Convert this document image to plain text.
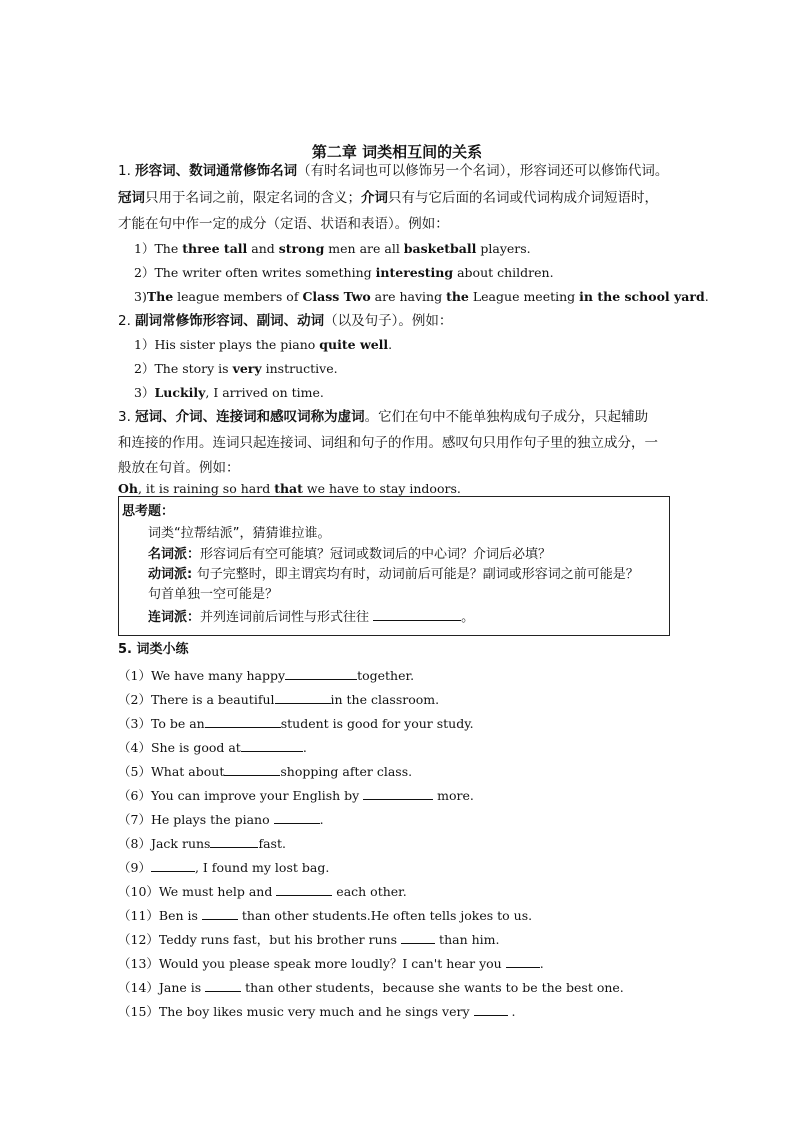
第二章 词类相互间的关系
1. 形容词、数词通常修饰名词（有时名词也可以修饰另一个名词），形容词还可以修饰代词。
冠词只用于名词之前，限定名词的含义；介词只有与它后面的名词或代词构成介词短语时，
才能在句中作一定的成分（定语、状语和表语）。例如：
1）The three tall and strong men are all basketball players.
2）The writer often writes something interesting about children.
3)The league members of Class Two are having the League meeting in the school yard.
2. 副词常修饰形容词、副词、动词（以及句子）。例如：
1）His sister plays the piano quite well.
2）The story is very instructive.
3）Luckily, I arrived on time.
3. 冠词、介词、连接词和感叹词称为虚词。它们在句中不能单独构成句子成分，只起辅助
和连接的作用。连词只起连接词、词组和句子的作用。感叹句只用作句子里的独立成分，一
般放在句首。例如：
Oh, it is raining so hard that we have to stay indoors.
思考题：
词类“拉帮结派”，猜猜谁拉谁。
名词派：形容词后有空可能填？冠词或数词后的中心词？介词后必填？
动词派: 句子完整时，即主谓宾均有时，动词前后可能是？副词或形容词之前可能是？
句首单独一空可能是？
连词派：并列连词前后词性与形式往往	。
5. 词类小练
（1）We have many happy	together.
（2）There is a beautiful	in the classroom.
（3）To be an	student is good for your study.
（4）She is good at	.
（5）What about	shopping after class.
（6）You can improve your English by	more.
（7）He plays the piano	.
（8）Jack runs	fast.
（9）	, I found my lost bag.
（10）We must help and	each other.
（11）Ben is	than other students.He often tells jokes to us.
（12）Teddy runs fast，but his brother runs	than him.
（13）Would you please speak more loudly？I can't hear you	.
（14）Jane is	than other students，because she wants to be the best one.
（15）The boy likes music very much and he sings very	.
